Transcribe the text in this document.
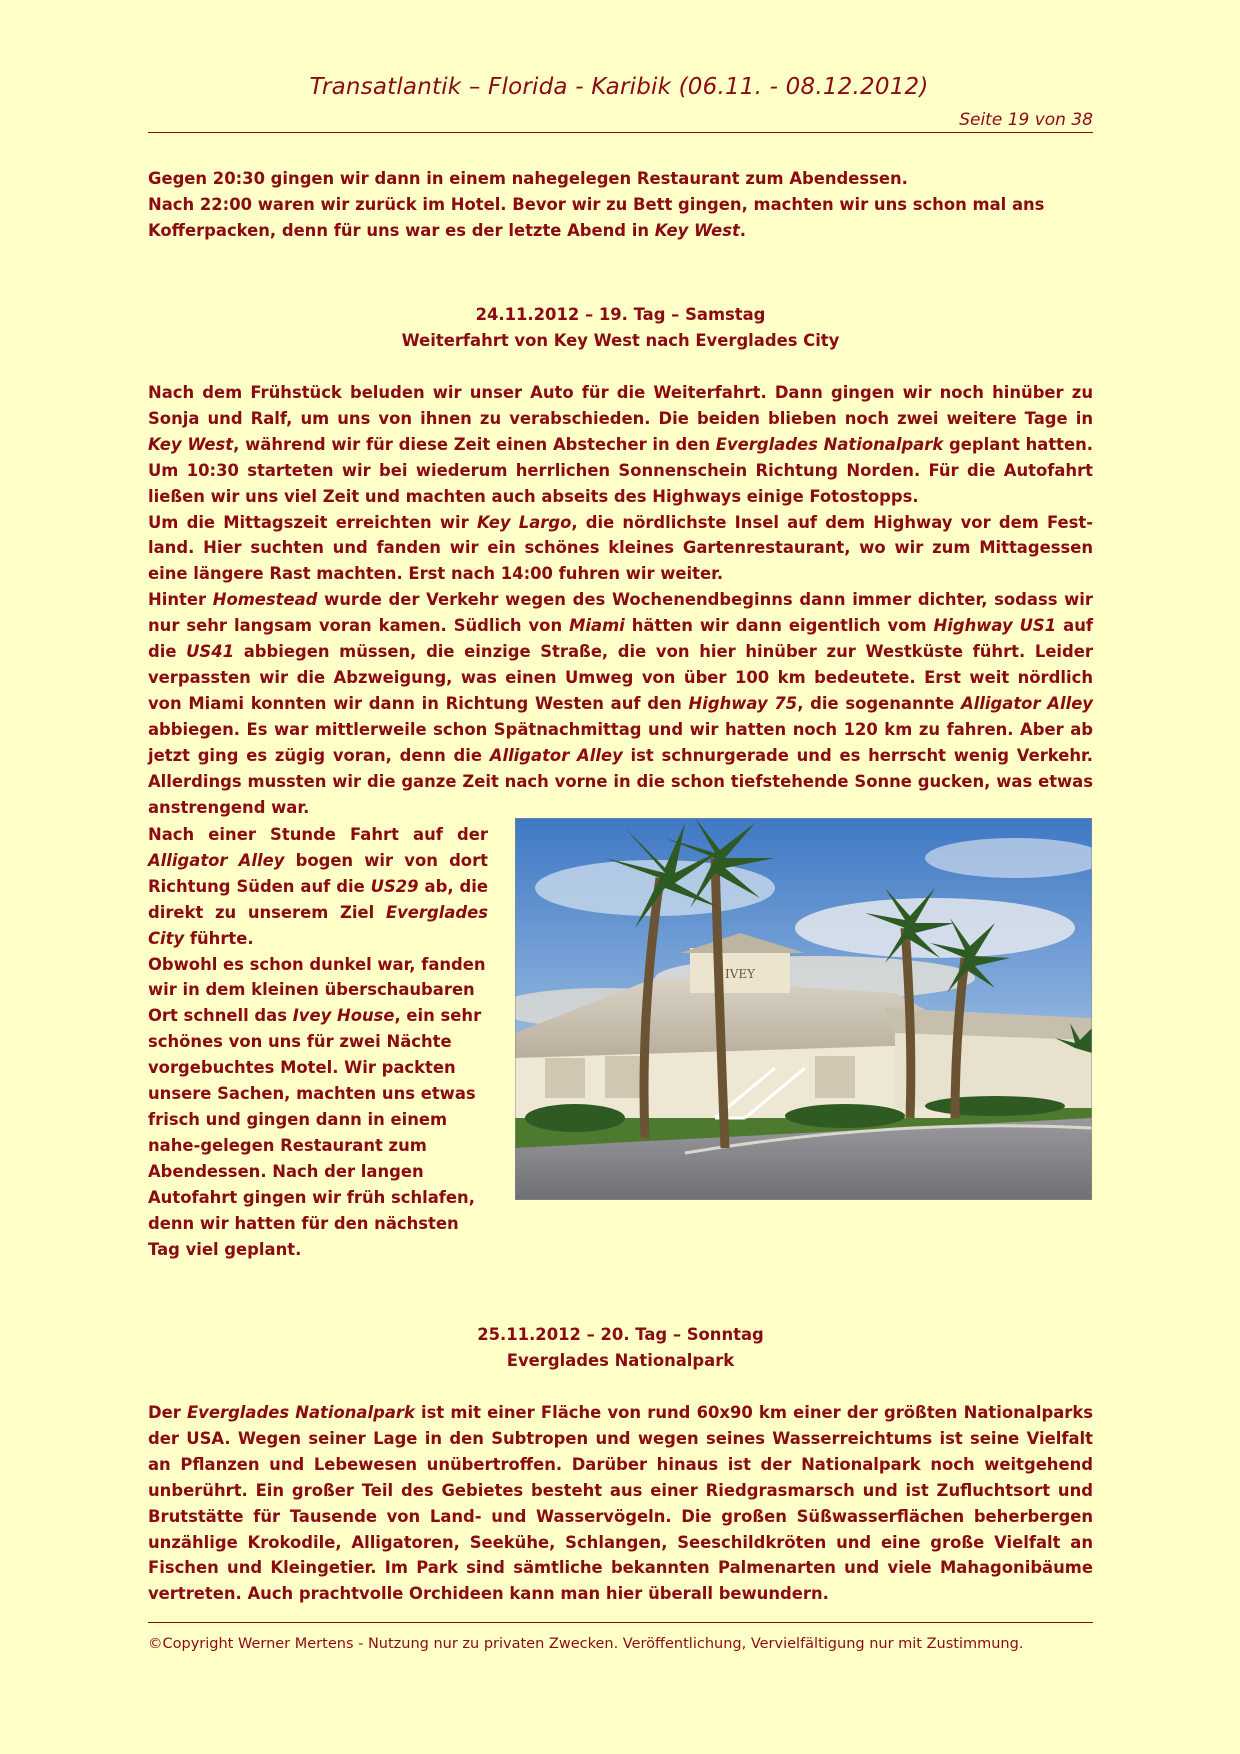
Transatlantik – Florida - Karibik (06.11. - 08.12.2012)
Seite 19 von 38

Gegen 20:30 gingen wir dann in einem nahegelegen Restaurant zum Abendessen.

Nach 22:00 waren wir zurück im Hotel. Bevor wir zu Bett gingen, machten wir uns schon mal ans Kofferpacken, denn für uns war es der letzte Abend in Key West.

24.11.2012 – 19. Tag – Samstag
Weiterfahrt von Key West nach Everglades City

Nach dem Frühstück beluden wir unser Auto für die Weiterfahrt. Dann gingen wir noch hinüber zu Sonja und Ralf, um uns von ihnen zu verabschieden. Die beiden blieben noch zwei weitere Tage in Key West, während wir für diese Zeit einen Abstecher in den Everglades Nationalpark geplant hatten. Um 10:30 starteten wir bei wiederum herrlichen Sonnenschein Richtung Norden. Für die Autofahrt ließen wir uns viel Zeit und machten auch abseits des Highways einige Fotostopps.

Um die Mittagszeit erreichten wir Key Largo, die nördlichste Insel auf dem Highway vor dem Fest-land. Hier suchten und fanden wir ein schönes kleines Gartenrestaurant, wo wir zum Mittagessen eine längere Rast machten. Erst nach 14:00 fuhren wir weiter.

Hinter Homestead wurde der Verkehr wegen des Wochenendbeginns dann immer dichter, sodass wir nur sehr langsam voran kamen. Südlich von Miami hätten wir dann eigentlich vom Highway US1 auf die US41 abbiegen müssen, die einzige Straße, die von hier hinüber zur Westküste führt. Leider verpassten wir die Abzweigung, was einen Umweg von über 100 km bedeutete. Erst weit nördlich von Miami konnten wir dann in Richtung Westen auf den Highway 75, die sogenannte Alligator Alley abbiegen. Es war mittlerweile schon Spätnachmittag und wir hatten noch 120 km zu fahren. Aber ab jetzt ging es zügig voran, denn die Alligator Alley ist schnurgerade und es herrscht wenig Verkehr. Allerdings mussten wir die ganze Zeit nach vorne in die schon tiefstehende Sonne gucken, was etwas anstrengend war.

Nach einer Stunde Fahrt auf der Alligator Alley bogen wir von dort Richtung Süden auf die US29 ab, die direkt zu unserem Ziel Everglades City führte.

Obwohl es schon dunkel war, fanden wir in dem kleinen überschaubaren Ort schnell das Ivey House, ein sehr schönes von uns für zwei Nächte vorgebuchtes Motel. Wir packten unsere Sachen, machten uns etwas frisch und gingen dann in einem nahe-gelegen Restaurant zum Abendessen. Nach der langen Autofahrt gingen wir früh schlafen, denn wir hatten für den nächsten Tag viel geplant.

IVEY
25.11.2012 – 20. Tag – Sonntag
Everglades Nationalpark

Der Everglades Nationalpark ist mit einer Fläche von rund 60x90 km einer der größten Nationalparks der USA. Wegen seiner Lage in den Subtropen und wegen seines Wasserreichtums ist seine Vielfalt an Pflanzen und Lebewesen unübertroffen. Darüber hinaus ist der Nationalpark noch weitgehend unberührt. Ein großer Teil des Gebietes besteht aus einer Riedgrasmarsch und ist Zufluchtsort und Brutstätte für Tausende von Land- und Wasservögeln. Die großen Süßwasserflächen beherbergen unzählige Krokodile, Alligatoren, Seekühe, Schlangen, Seeschildkröten und eine große Vielfalt an Fischen und Kleingetier. Im Park sind sämtliche bekannten Palmenarten und viele Mahagonibäume vertreten. Auch prachtvolle Orchideen kann man hier überall bewundern.

©Copyright Werner Mertens - Nutzung nur zu privaten Zwecken. Veröffentlichung, Vervielfältigung nur mit Zustimmung.
